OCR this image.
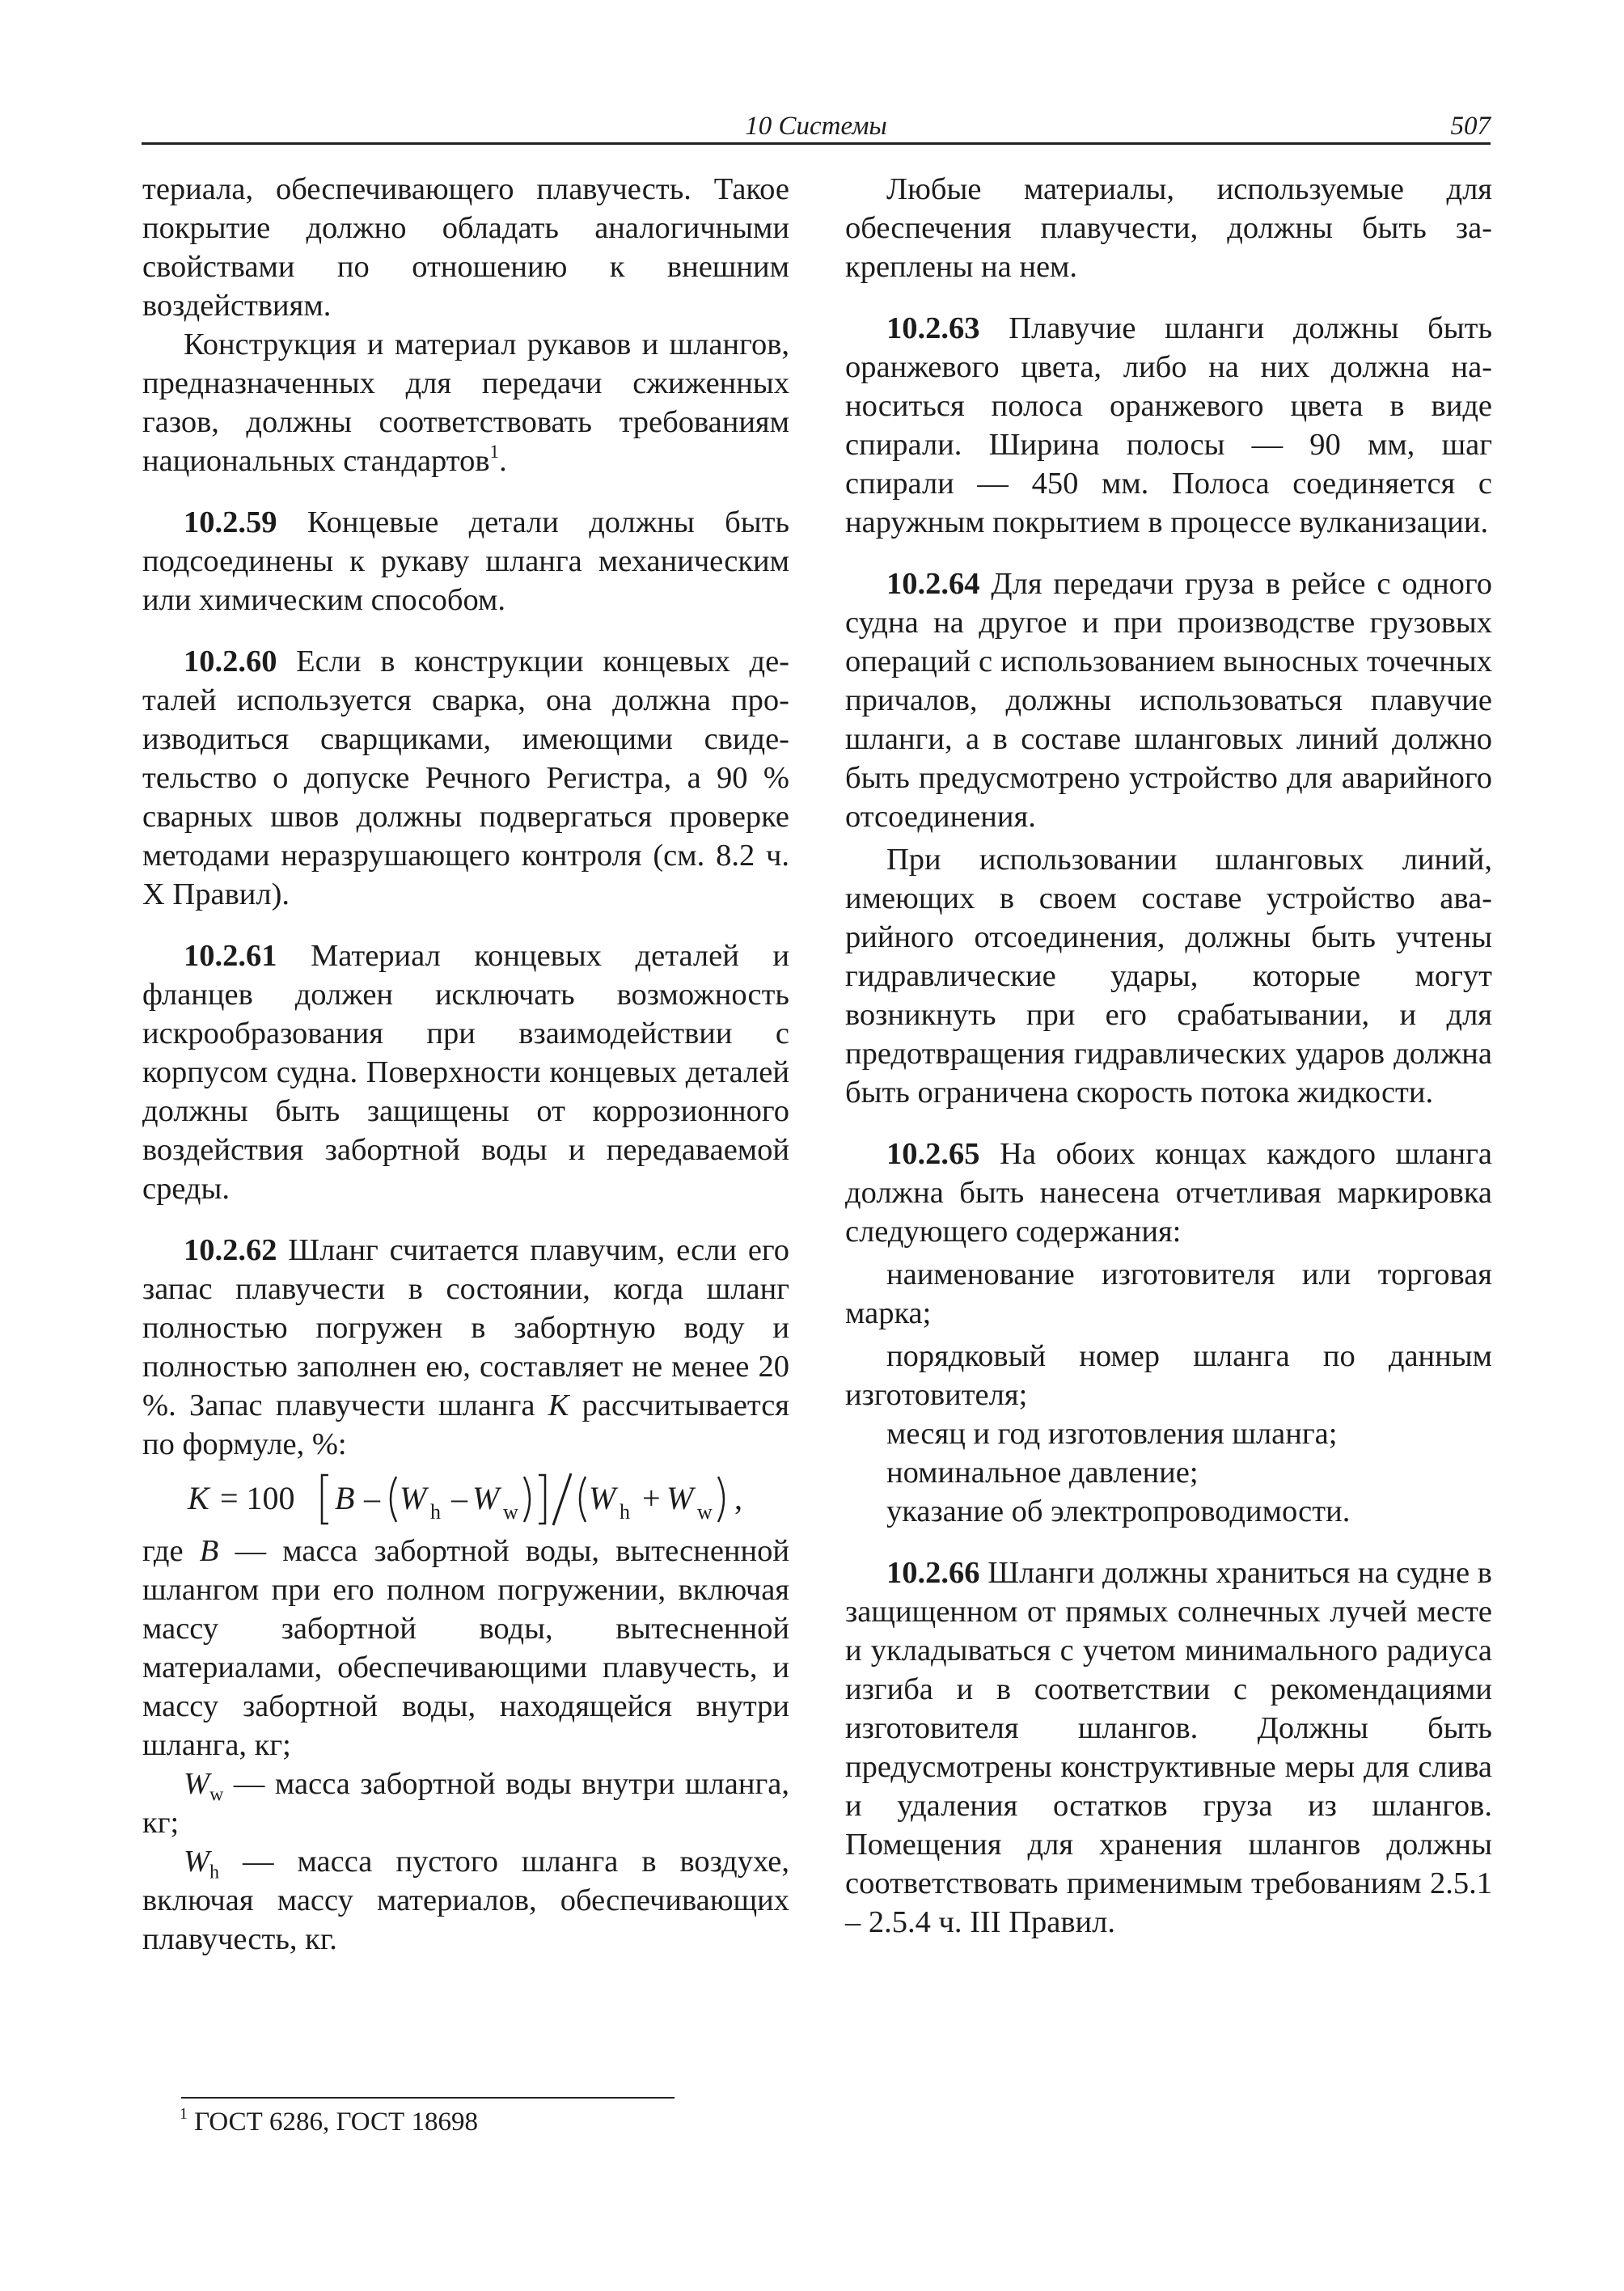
10 Системы	507

териала, обеспечивающего плавучесть. Такое покрытие должно обладать аналогичными свойствами по отношению к внешним воздействиям.

Конструкция и материал рукавов и шлангов, предназначенных для передачи сжиженных газов, должны соответствовать требованиям национальных стандартов$^1$.

10.2.59 Концевые детали должны быть подсоединены к рукаву шланга механическим или химическим способом.

10.2.60 Если в конструкции концевых деталей используется сварка, она должна производиться сварщиками, имеющими свидетельство о допуске Речного Регистра, а 90 % сварных швов должны подвергаться проверке методами неразрушающего контроля (см. 8.2 ч. X Правил).

10.2.61 Материал концевых деталей и фланцев должен исключать возможность искрообразования при взаимодействии с корпусом судна. Поверхности концевых деталей должны быть защищены от коррозионного воздействия забортной воды и передаваемой среды.

10.2.62 Шланг считается плавучим, если его запас плавучести в состоянии, когда шланг полностью погружен в забортную воду и полностью заполнен ею, составляет не менее 20 %. Запас плавучести шланга K рассчитывается по формуле, %:

K = 100 B – W h – W w W h + W w ,

где B — масса забортной воды, вытесненной шлангом при его полном погружении, включая массу забортной воды, вытесненной материалами, обеспечивающими плавучесть, и массу забортной воды, находящейся внутри шланга, кг;

$W_w$ — масса забортной воды внутри шланга, кг;

$W_h$ — масса пустого шланга в воздухе, включая массу материалов, обеспечивающих плавучесть, кг.

Любые материалы, используемые для обеспечения плавучести, должны быть закреплены на нем.

10.2.63 Плавучие шланги должны быть оранжевого цвета, либо на них должна наноситься полоса оранжевого цвета в виде спирали. Ширина полосы — 90 мм, шаг спирали — 450 мм. Полоса соединяется с наружным покрытием в процессе вулканизации.

10.2.64 Для передачи груза в рейсе с одного судна на другое и при производстве грузовых операций с использованием выносных точечных причалов, должны использоваться плавучие шланги, а в составе шланговых линий должно быть предусмотрено устройство для аварийного отсоединения.

При использовании шланговых линий, имеющих в своем составе устройство аварийного отсоединения, должны быть учтены гидравлические удары, которые могут возникнуть при его срабатывании, и для предотвращения гидравлических ударов должна быть ограничена скорость потока жидкости.

10.2.65 На обоих концах каждого шланга должна быть нанесена отчетливая маркировка следующего содержания:

наименование изготовителя или торговая марка;

порядковый номер шланга по данным изготовителя;

месяц и год изготовления шланга;

номинальное давление;

указание об электропроводимости.

10.2.66 Шланги должны храниться на судне в защищенном от прямых солнечных лучей месте и укладываться с учетом минимального радиуса изгиба и в соответствии с рекомендациями изготовителя шлангов. Должны быть предусмотрены конструктивные меры для слива и удаления остатков груза из шлангов. Помещения для хранения шлангов должны соответствовать применимым требованиям 2.5.1 – 2.5.4 ч. III Правил.

$^1$ ГОСТ 6286, ГОСТ 18698
